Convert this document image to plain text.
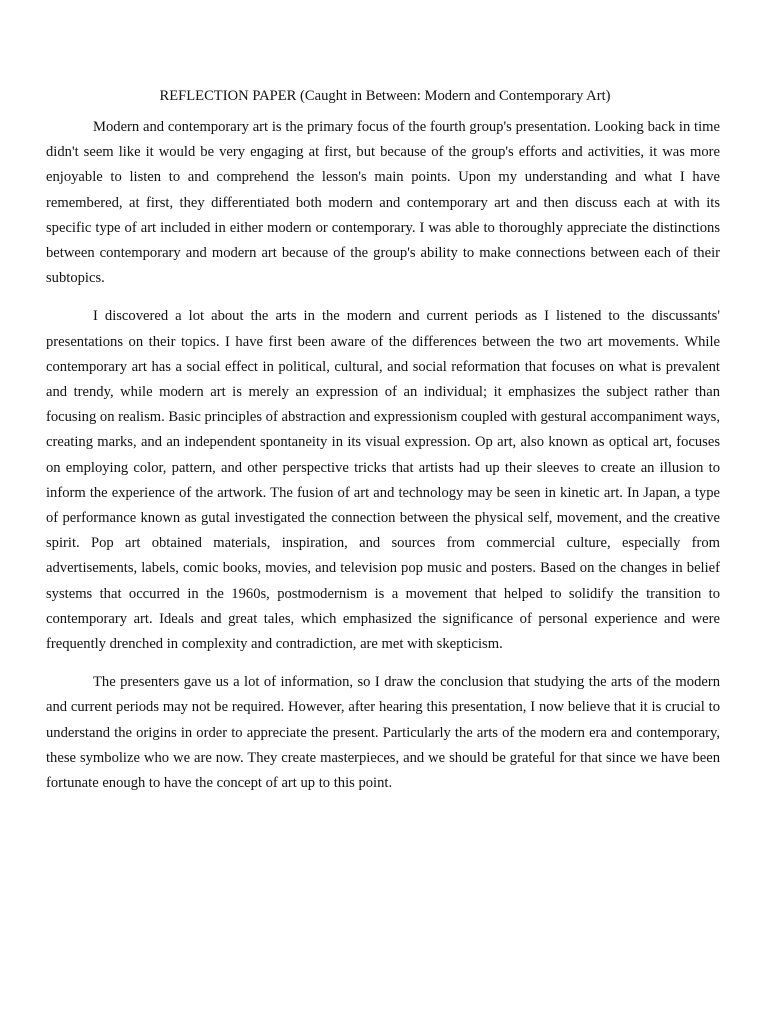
REFLECTION PAPER (Caught in Between: Modern and Contemporary Art)

Modern and contemporary art is the primary focus of the fourth group's presentation. Looking back in time didn't seem like it would be very engaging at first, but because of the group's efforts and activities, it was more enjoyable to listen to and comprehend the lesson's main points. Upon my understanding and what I have remembered, at first, they differentiated both modern and contemporary art and then discuss each at with its specific type of art included in either modern or contemporary. I was able to thoroughly appreciate the distinctions between contemporary and modern art because of the group's ability to make connections between each of their subtopics.

I discovered a lot about the arts in the modern and current periods as I listened to the discussants' presentations on their topics. I have first been aware of the differences between the two art movements. While contemporary art has a social effect in political, cultural, and social reformation that focuses on what is prevalent and trendy, while modern art is merely an expression of an individual; it emphasizes the subject rather than focusing on realism. Basic principles of abstraction and expressionism coupled with gestural accompaniment ways, creating marks, and an independent spontaneity in its visual expression. Op art, also known as optical art, focuses on employing color, pattern, and other perspective tricks that artists had up their sleeves to create an illusion to inform the experience of the artwork. The fusion of art and technology may be seen in kinetic art. In Japan, a type of performance known as gutal investigated the connection between the physical self, movement, and the creative spirit. Pop art obtained materials, inspiration, and sources from commercial culture, especially from advertisements, labels, comic books, movies, and television pop music and posters. Based on the changes in belief systems that occurred in the 1960s, postmodernism is a movement that helped to solidify the transition to contemporary art. Ideals and great tales, which emphasized the significance of personal experience and were frequently drenched in complexity and contradiction, are met with skepticism.

The presenters gave us a lot of information, so I draw the conclusion that studying the arts of the modern and current periods may not be required. However, after hearing this presentation, I now believe that it is crucial to understand the origins in order to appreciate the present. Particularly the arts of the modern era and contemporary, these symbolize who we are now. They create masterpieces, and we should be grateful for that since we have been fortunate enough to have the concept of art up to this point.
